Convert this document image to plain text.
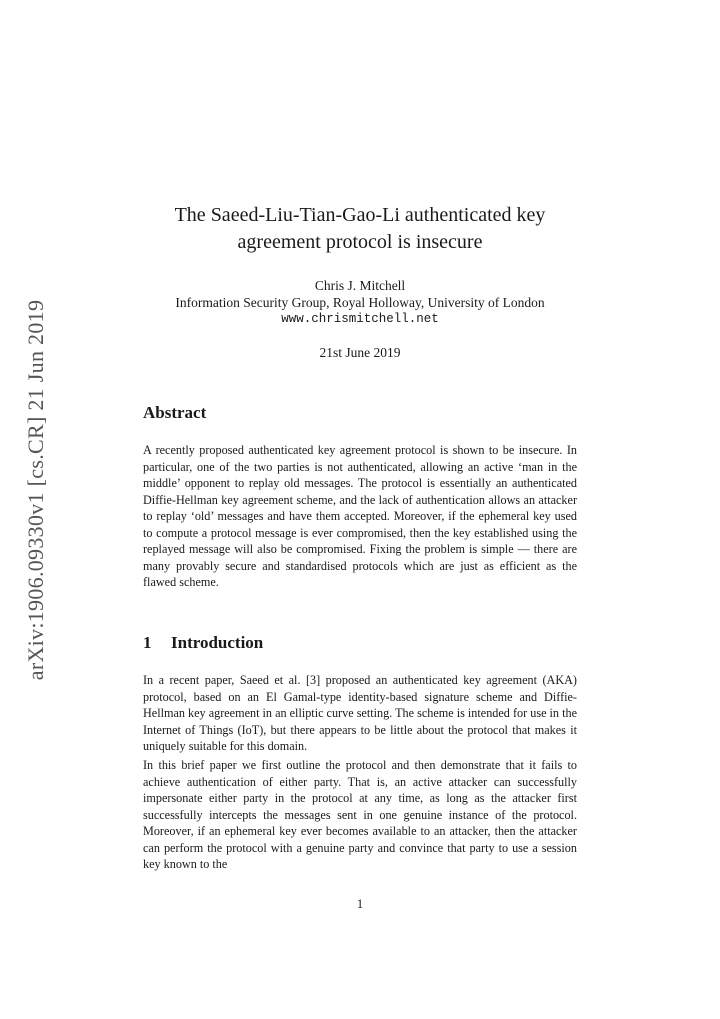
arXiv:1906.09330v1 [cs.CR] 21 Jun 2019
The Saeed-Liu-Tian-Gao-Li authenticated key
agreement protocol is insecure
Chris J. Mitchell
Information Security Group, Royal Holloway, University of London
www.chrismitchell.net
21st June 2019
Abstract
A recently proposed authenticated key agreement protocol is shown to be insecure. In particular, one of the two parties is not authenticated, allowing an active ‘man in the middle’ opponent to replay old messages. The protocol is essentially an authenticated Diffie-Hellman key agreement scheme, and the lack of authentication allows an attacker to replay ‘old’ messages and have them accepted. Moreover, if the ephemeral key used to compute a protocol message is ever compromised, then the key established using the replayed message will also be compromised. Fixing the problem is simple — there are many provably secure and standardised protocols which are just as efficient as the flawed scheme.
1 Introduction
In a recent paper, Saeed et al. [3] proposed an authenticated key agreement (AKA) protocol, based on an El Gamal-type identity-based signature scheme and Diffie-Hellman key agreement in an elliptic curve setting. The scheme is intended for use in the Internet of Things (IoT), but there appears to be little about the protocol that makes it uniquely suitable for this domain.
In this brief paper we first outline the protocol and then demonstrate that it fails to achieve authentication of either party. That is, an active attacker can successfully impersonate either party in the protocol at any time, as long as the attacker first successfully intercepts the messages sent in one genuine instance of the protocol. Moreover, if an ephemeral key ever becomes available to an attacker, then the attacker can perform the protocol with a genuine party and convince that party to use a session key known to the
1
